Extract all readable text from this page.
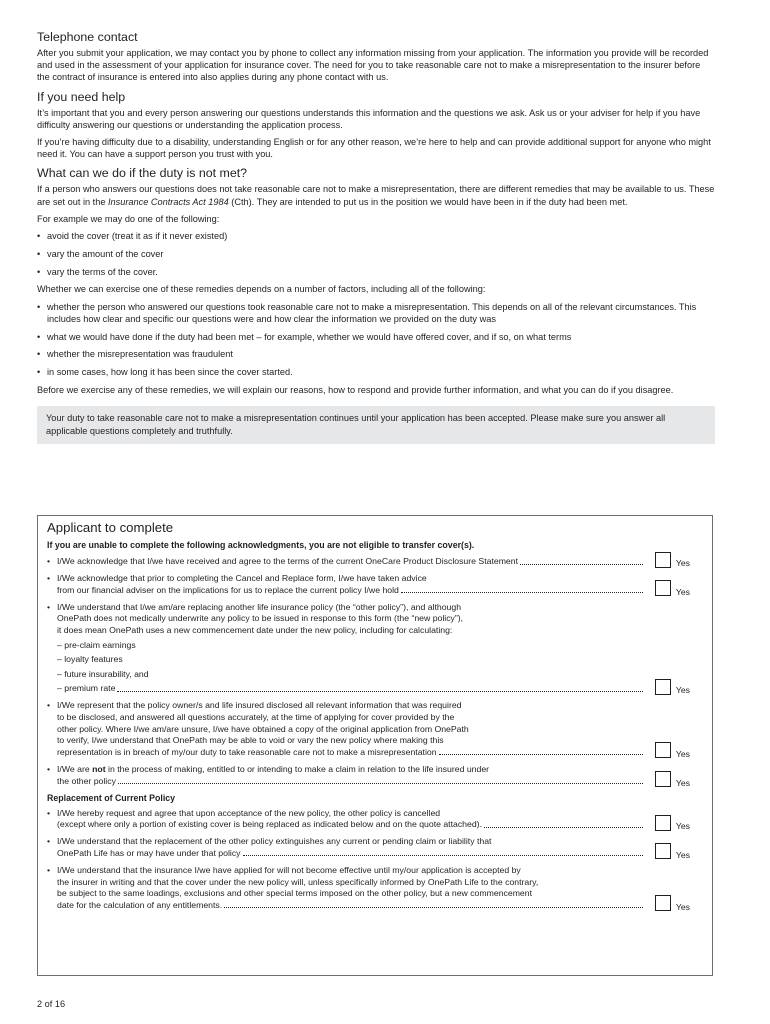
Telephone contact

After you submit your application, we may contact you by phone to collect any information missing from your application. The information you provide will be recorded and used in the assessment of your application for insurance cover. The need for you to take reasonable care not to make a misrepresentation to the insurer before the contract of insurance is entered into also applies during any phone contact with us.

If you need help

It’s important that you and every person answering our questions understands this information and the questions we ask. Ask us or your adviser for help if you have difficulty answering our questions or understanding the application process.

If you’re having difficulty due to a disability, understanding English or for any other reason, we’re here to help and can provide additional support for anyone who might need it. You can have a support person you trust with you.

What can we do if the duty is not met?

If a person who answers our questions does not take reasonable care not to make a misrepresentation, there are different remedies that may be available to us. These are set out in the Insurance Contracts Act 1984 (Cth). They are intended to put us in the position we would have been in if the duty had been met.

For example we may do one of the following:

• avoid the cover (treat it as if it never existed)
• vary the amount of the cover
• vary the terms of the cover.

Whether we can exercise one of these remedies depends on a number of factors, including all of the following:

• whether the person who answered our questions took reasonable care not to make a misrepresentation. This depends on all of the relevant circumstances. This includes how clear and specific our questions were and how clear the information we provided on the duty was
• what we would have done if the duty had been met – for example, whether we would have offered cover, and if so, on what terms
• whether the misrepresentation was fraudulent
• in some cases, how long it has been since the cover started.

Before we exercise any of these remedies, we will explain our reasons, how to respond and provide further information, and what you can do if you disagree.

Your duty to take reasonable care not to make a misrepresentation continues until your application has been accepted. Please make sure you answer all applicable questions completely and truthfully.
Applicant to complete
If you are unable to complete the following acknowledgments, you are not eligible to transfer cover(s).
• I/We acknowledge that I/we have received and agree to the terms of the current OneCare Product Disclosure Statement	Yes
• I/We acknowledge that prior to completing the Cancel and Replace form, I/we have taken advice
from our financial adviser on the implications for us to replace the current policy I/we hold	Yes
• I/We understand that I/we am/are replacing another life insurance policy (the “other policy”), and although
OnePath does not medically underwrite any policy to be issued in response to this form (the “new policy”),
it does mean OnePath uses a new commencement date under the new policy, including for calculating:
– pre-claim earnings
– loyalty features
– future insurability, and
– premium rate	Yes
• I/We represent that the policy owner/s and life insured disclosed all relevant information that was required
to be disclosed, and answered all questions accurately, at the time of applying for cover provided by the
other policy. Where I/we am/are unsure, I/we have obtained a copy of the original application from OnePath
to verify, I/we understand that OnePath may be able to void or vary the new policy where making this
representation is in breach of my/our duty to take reasonable care not to make a misrepresentation	Yes
• I/We are not in the process of making, entitled to or intending to make a claim in relation to the life insured under
the other policy	Yes
Replacement of Current Policy
• I/We hereby request and agree that upon acceptance of the new policy, the other policy is cancelled
(except where only a portion of existing cover is being replaced as indicated below and on the quote attached).	Yes
• I/We understand that the replacement of the other policy extinguishes any current or pending claim or liability that
OnePath Life has or may have under that policy	Yes
• I/We understand that the insurance I/we have applied for will not become effective until my/our application is accepted by
the insurer in writing and that the cover under the new policy will, unless specifically informed by OnePath Life to the contrary,
be subject to the same loadings, exclusions and other special terms imposed on the other policy, but a new commencement
date for the calculation of any entitlements.	Yes
2 of 16
